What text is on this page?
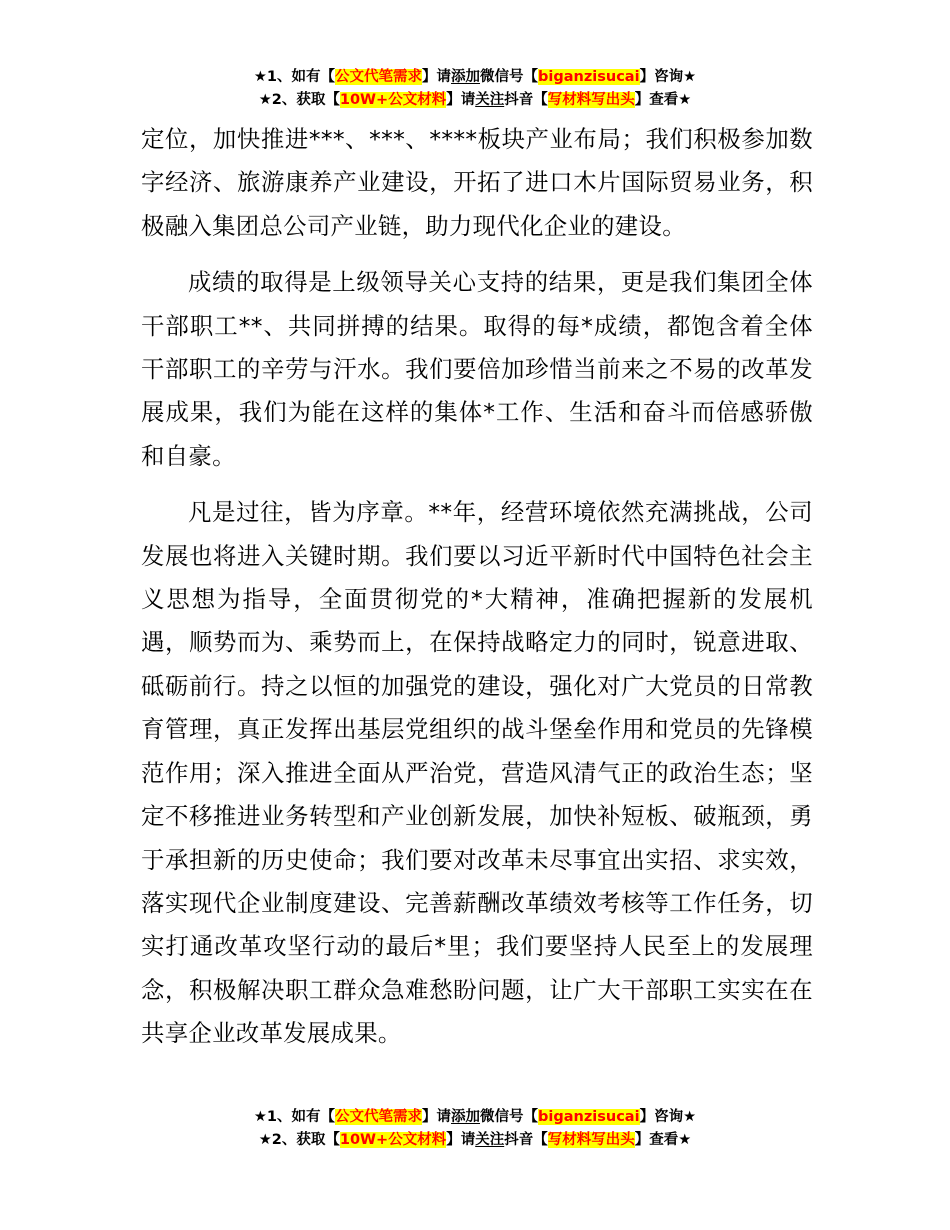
★1、如有【公文代笔需求】请添加微信号【biganzisucai】咨询★
★2、获取【10W+公文材料】请关注抖音【写材料写出头】查看★

定位，加快推进***、***、****板块产业布局；我们积极参加数字经济、旅游康养产业建设，开拓了进口木片国际贸易业务，积极融入集团总公司产业链，助力现代化企业的建设。

成绩的取得是上级领导关心支持的结果，更是我们集团全体干部职工**、共同拼搏的结果。取得的每*成绩，都饱含着全体干部职工的辛劳与汗水。我们要倍加珍惜当前来之不易的改革发展成果，我们为能在这样的集体*工作、生活和奋斗而倍感骄傲和自豪。

凡是过往，皆为序章。**年，经营环境依然充满挑战，公司发展也将进入关键时期。我们要以习近平新时代中国特色社会主义思想为指导，全面贯彻党的*大精神，准确把握新的发展机遇，顺势而为、乘势而上，在保持战略定力的同时，锐意进取、砥砺前行。持之以恒的加强党的建设，强化对广大党员的日常教育管理，真正发挥出基层党组织的战斗堡垒作用和党员的先锋模范作用；深入推进全面从严治党，营造风清气正的政治生态；坚定不移推进业务转型和产业创新发展，加快补短板、破瓶颈，勇于承担新的历史使命；我们要对改革未尽事宜出实招、求实效，落实现代企业制度建设、完善薪酬改革绩效考核等工作任务，切实打通改革攻坚行动的最后*里；我们要坚持人民至上的发展理念，积极解决职工群众急难愁盼问题，让广大干部职工实实在在共享企业改革发展成果。

★1、如有【公文代笔需求】请添加微信号【biganzisucai】咨询★
★2、获取【10W+公文材料】请关注抖音【写材料写出头】查看★
